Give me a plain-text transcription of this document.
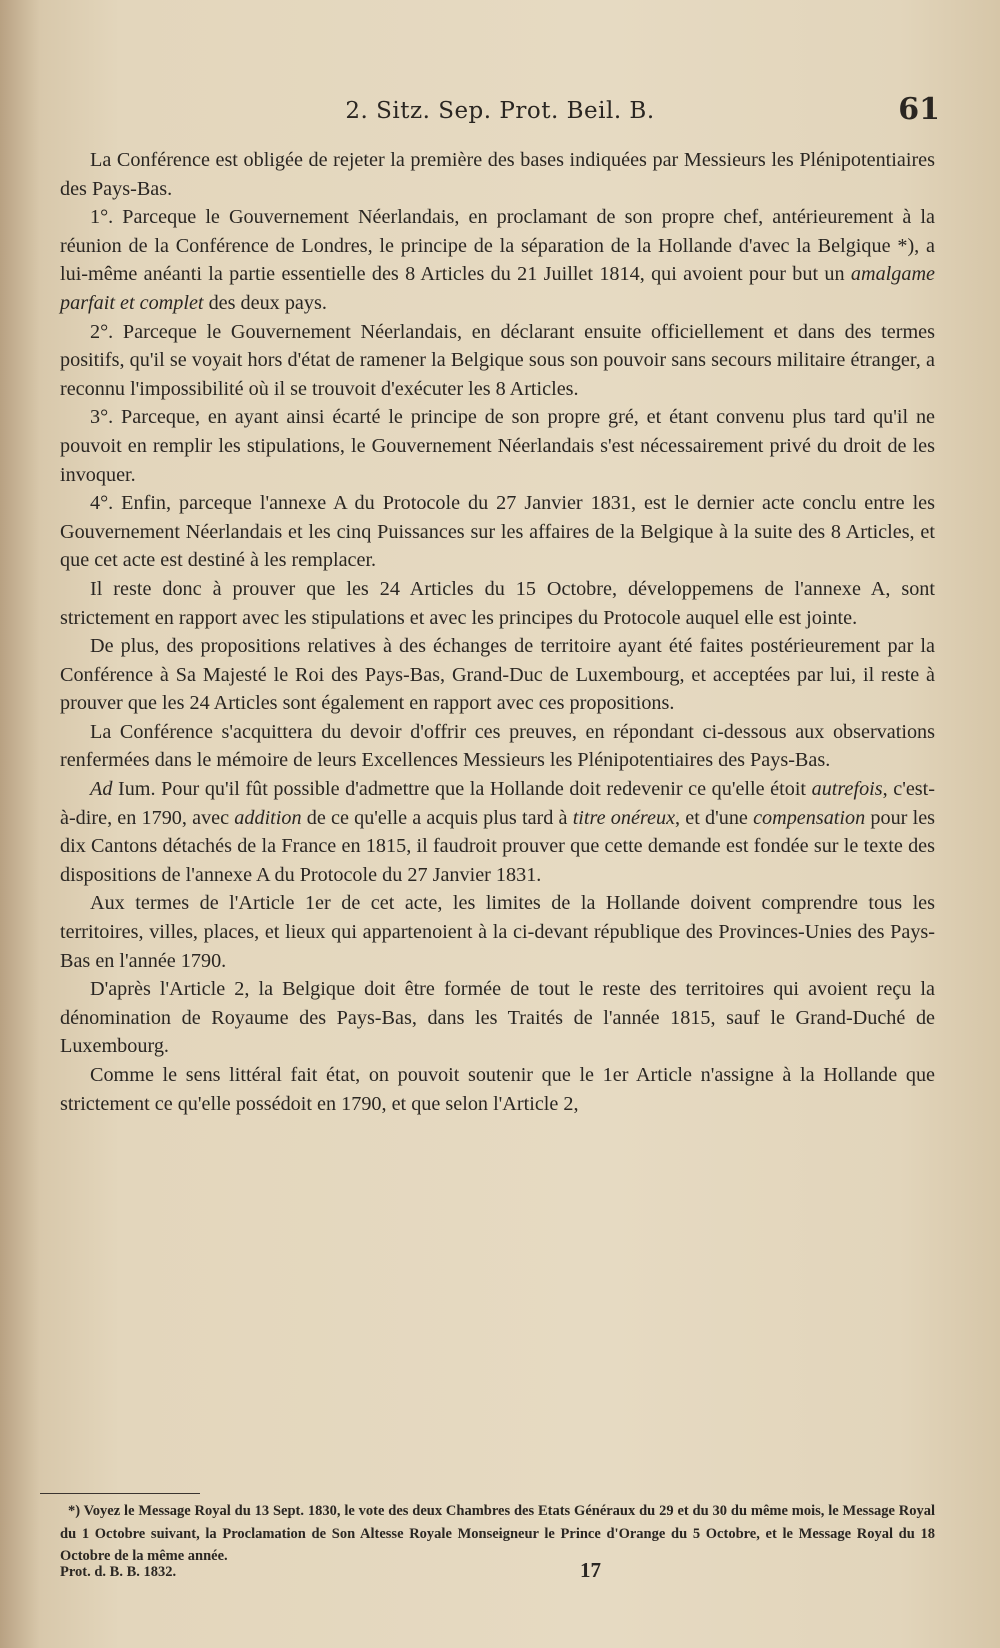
2. Sitz. Sep. Prot. Beil. B.	61

La Conférence est obligée de rejeter la première des bases indiquées par Messieurs les Plénipotentiaires des Pays-Bas.

1°. Parceque le Gouvernement Néerlandais, en proclamant de son propre chef, antérieurement à la réunion de la Conférence de Londres, le principe de la séparation de la Hollande d'avec la Belgique *), a lui-même anéanti la partie essentielle des 8 Articles du 21 Juillet 1814, qui avoient pour but un amalgame parfait et complet des deux pays.

2°. Parceque le Gouvernement Néerlandais, en déclarant ensuite officiellement et dans des termes positifs, qu'il se voyait hors d'état de ramener la Belgique sous son pouvoir sans secours militaire étranger, a reconnu l'impossibilité où il se trouvoit d'exécuter les 8 Articles.

3°. Parceque, en ayant ainsi écarté le principe de son propre gré, et étant convenu plus tard qu'il ne pouvoit en remplir les stipulations, le Gouvernement Néerlandais s'est nécessairement privé du droit de les invoquer.

4°. Enfin, parceque l'annexe A du Protocole du 27 Janvier 1831, est le dernier acte conclu entre les Gouvernement Néerlandais et les cinq Puissances sur les affaires de la Belgique à la suite des 8 Articles, et que cet acte est destiné à les remplacer.

Il reste donc à prouver que les 24 Articles du 15 Octobre, développemens de l'annexe A, sont strictement en rapport avec les stipulations et avec les principes du Protocole auquel elle est jointe.

De plus, des propositions relatives à des échanges de territoire ayant été faites postérieurement par la Conférence à Sa Majesté le Roi des Pays-Bas, Grand-Duc de Luxembourg, et acceptées par lui, il reste à prouver que les 24 Articles sont également en rapport avec ces propositions.

La Conférence s'acquittera du devoir d'offrir ces preuves, en répondant ci-dessous aux observations renfermées dans le mémoire de leurs Excellences Messieurs les Plénipotentiaires des Pays-Bas.

Ad Ium. Pour qu'il fût possible d'admettre que la Hollande doit redevenir ce qu'elle étoit autrefois, c'est-à-dire, en 1790, avec addition de ce qu'elle a acquis plus tard à titre onéreux, et d'une compensation pour les dix Cantons détachés de la France en 1815, il faudroit prouver que cette demande est fondée sur le texte des dispositions de l'annexe A du Protocole du 27 Janvier 1831.

Aux termes de l'Article 1er de cet acte, les limites de la Hollande doivent comprendre tous les territoires, villes, places, et lieux qui appartenoient à la ci-devant république des Provinces-Unies des Pays-Bas en l'année 1790.

D'après l'Article 2, la Belgique doit être formée de tout le reste des territoires qui avoient reçu la dénomination de Royaume des Pays-Bas, dans les Traités de l'année 1815, sauf le Grand-Duché de Luxembourg.

Comme le sens littéral fait état, on pouvoit soutenir que le 1er Article n'assigne à la Hollande que strictement ce qu'elle possédoit en 1790, et que selon l'Article 2,

*) Voyez le Message Royal du 13 Sept. 1830, le vote des deux Chambres des Etats Généraux du 29 et du 30 du même mois, le Message Royal du 1 Octobre suivant, la Proclamation de Son Altesse Royale Monseigneur le Prince d'Orange du 5 Octobre, et le Message Royal du 18 Octobre de la même année.

Prot. d. B. B. 1832.	17
